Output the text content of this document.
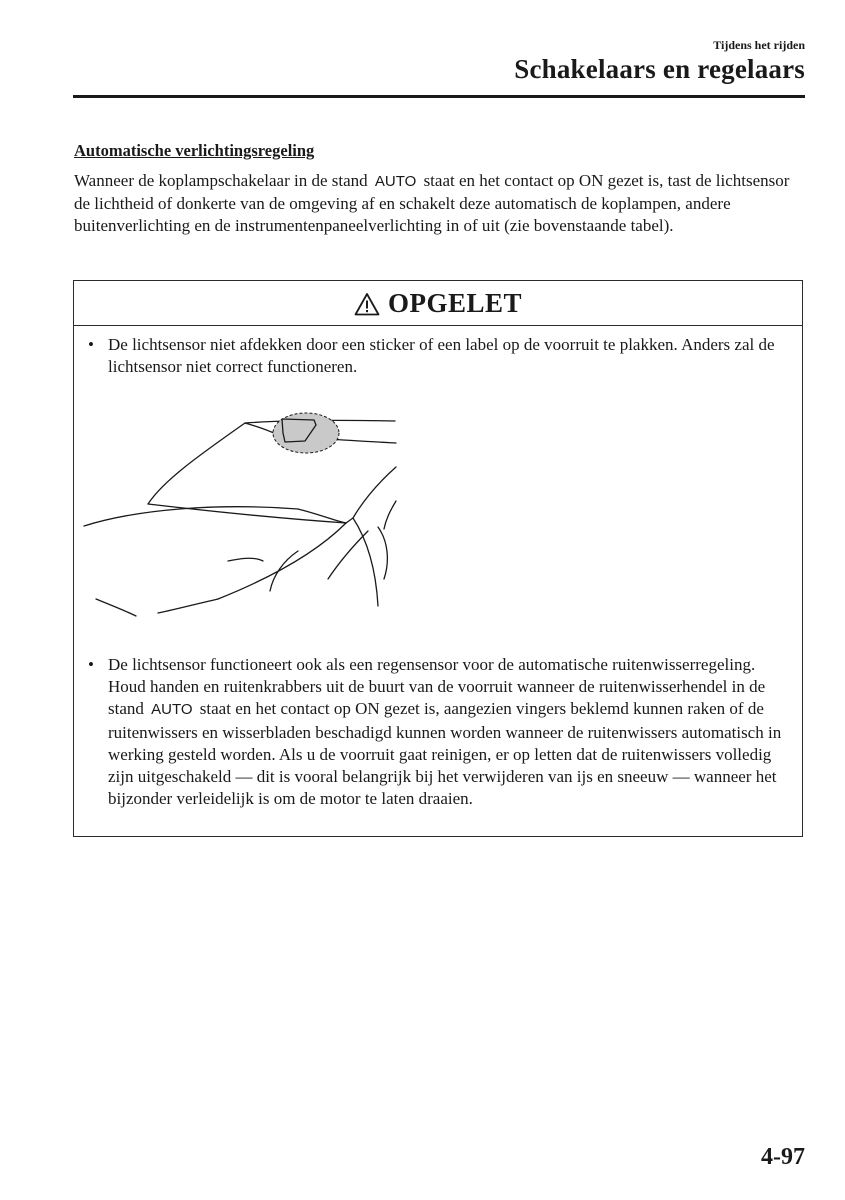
Tijdens het rijden
Schakelaars en regelaars
Automatische verlichtingsregeling

Wanneer de koplampschakelaar in de stand AUTO staat en het contact op ON gezet is, tast de lichtsensor de lichtheid of donkerte van de omgeving af en schakelt deze automatisch de koplampen, andere buitenverlichting en de instrumentenpaneelverlichting in of uit (zie bovenstaande tabel).

OPGELET
• De lichtsensor niet afdekken door een sticker of een label op de voorruit te plakken. Anders zal de lichtsensor niet correct functioneren.
• De lichtsensor functioneert ook als een regensensor voor de automatische ruitenwisserregeling. Houd handen en ruitenkrabbers uit de buurt van de voorruit wanneer de ruitenwisserhendel in de stand AUTO staat en het contact op ON gezet is, aangezien vingers beklemd kunnen raken of de ruitenwissers en wisserbladen beschadigd kunnen worden wanneer de ruitenwissers automatisch in werking gesteld worden. Als u de voorruit gaat reinigen, er op letten dat de ruitenwissers volledig zijn uitgeschakeld ― dit is vooral belangrijk bij het verwijderen van ijs en sneeuw ― wanneer het bijzonder verleidelijk is om de motor te laten draaien.
4-97
